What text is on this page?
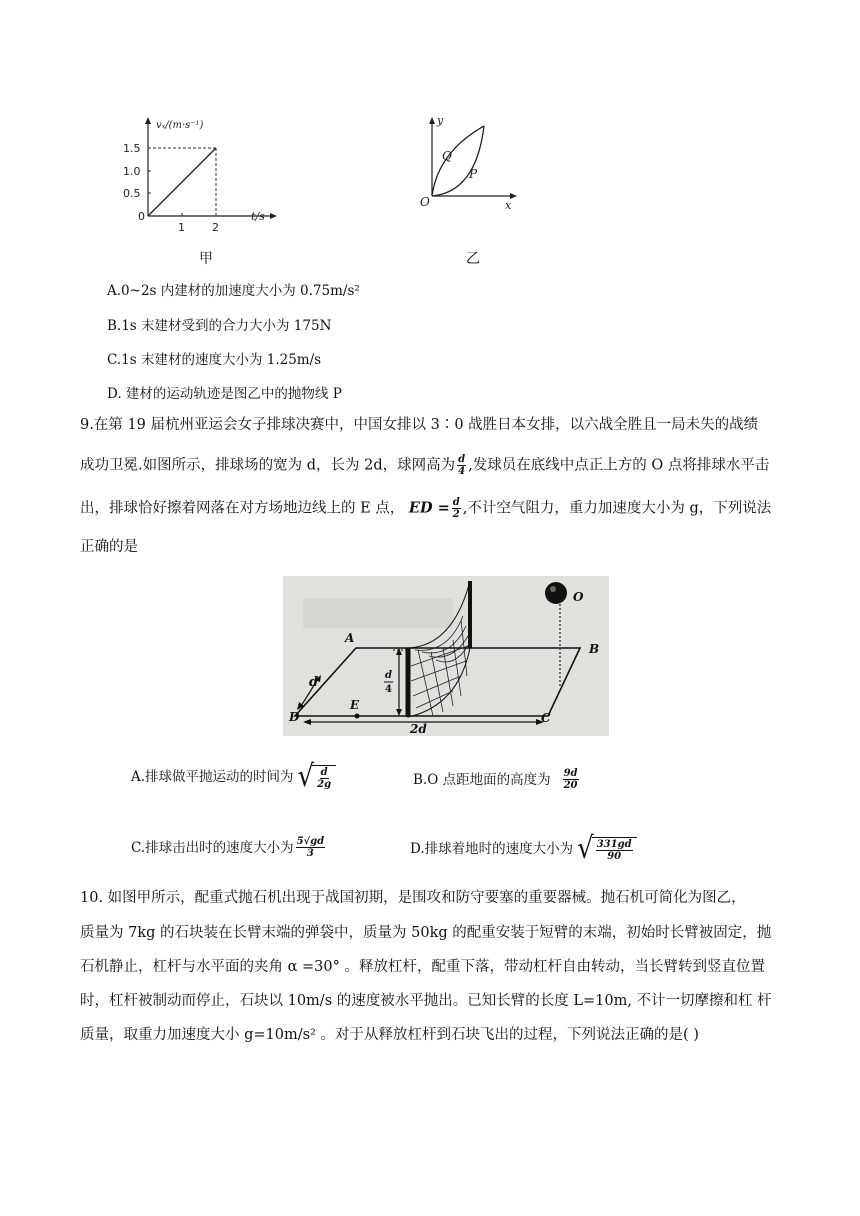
vₓ/(m·s⁻¹)
1.5
1.0
0.5
0
1 2
t/s
甲
y
Q
P
O	x
乙
A.0~2s 内建材的加速度大小为 0.75m/s²
B.1s 末建材受到的合力大小为 175N
C.1s 末建材的速度大小为 1.25m/s
D. 建材的运动轨迹是图乙中的抛物线 P
9.在第 19 届杭州亚运会女子排球决赛中，中国女排以 3∶0 战胜日本女排，以六战全胜且一局未失的战绩
成功卫冕.如图所示，排球场的宽为 d，长为 2d，球网高为 $\frac{d}{4}$ ,发球员在底线中点正上方的 O 点将排球水平击
出，排球恰好擦着网落在对方场地边线上的 E 点， ED = $\frac{d}{2}$ ,不计空气阻力，重力加速度大小为 g，下列说法
正确的是
A
B
C
D
E
O
d
2d
d
4
A.排球做平抛运动的时间为 √ $\frac{d}{2g}$	B.O 点距地面的高度为 $\frac{9d}{20}$
C.排球击出时的速度大小为 $\frac{5√gd}{3}$	D.排球着地时的速度大小为 √ $\frac{331gd}{90}$
10. 如图甲所示，配重式抛石机出现于战国初期，是围攻和防守要塞的重要器械。抛石机可简化为图乙，
质量为 7kg 的石块装在长臂末端的弹袋中，质量为 50kg 的配重安装于短臂的末端，初始时长臂被固定，抛
石机静止，杠杆与水平面的夹角 α =30° 。释放杠杆，配重下落，带动杠杆自由转动，当长臂转到竖直位置
时，杠杆被制动而停止，石块以 10m/s 的速度被水平抛出。已知长臂的长度 L=10m, 不计一切摩擦和杠 杆
质量，取重力加速度大小 g=10m/s² 。对于从释放杠杆到石块飞出的过程，下列说法正确的是( )
